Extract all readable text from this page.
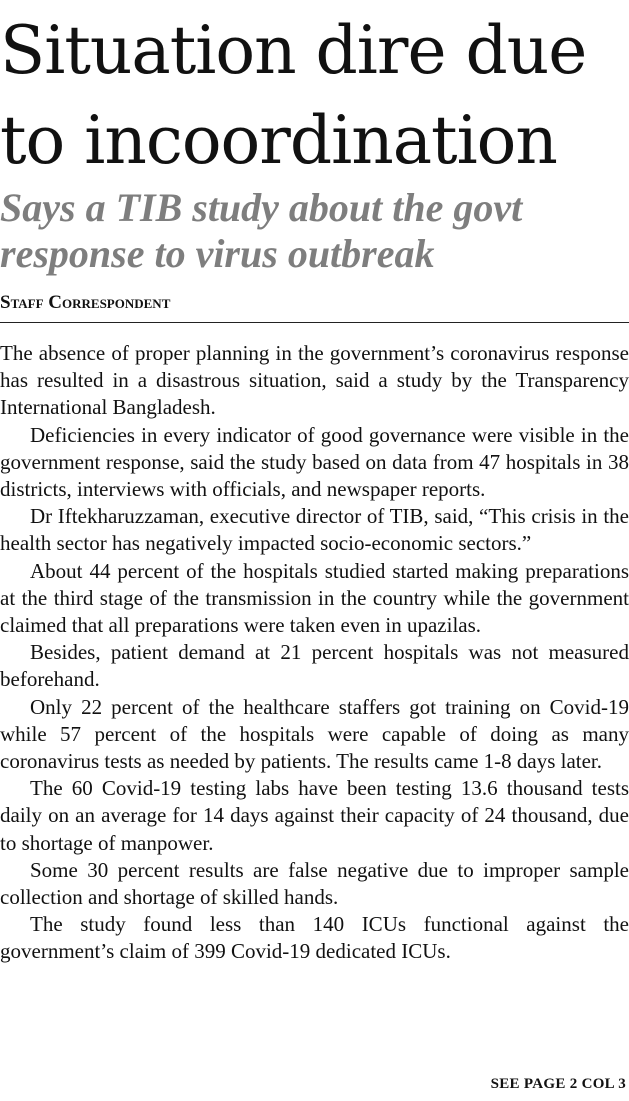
Situation dire due to incoordination
Says a TIB study about the govt response to virus outbreak
Staff Correspondent

The absence of proper planning in the government’s coronavirus response has resulted in a disastrous situation, said a study by the Transparency International Bangladesh.

Deficiencies in every indicator of good governance were visible in the government response, said the study based on data from 47 hospitals in 38 districts, interviews with officials, and newspaper reports.

Dr Iftekharuzzaman, executive director of TIB, said, “This crisis in the health sector has negatively impacted socio-economic sectors.”

About 44 percent of the hospitals studied started making preparations at the third stage of the transmission in the country while the government claimed that all preparations were taken even in upazilas.

Besides, patient demand at 21 percent hospitals was not measured beforehand.

Only 22 percent of the healthcare staffers got training on Covid-19 while 57 percent of the hospitals were capable of doing as many coronavirus tests as needed by patients. The results came 1-8 days later.

The 60 Covid-19 testing labs have been testing 13.6 thousand tests daily on an average for 14 days against their capacity of 24 thousand, due to shortage of manpower.

Some 30 percent results are false negative due to improper sample collection and shortage of skilled hands.

The study found less than 140 ICUs functional against the government’s claim of 399 Covid-19 dedicated ICUs.

SEE PAGE 2 COL 3
